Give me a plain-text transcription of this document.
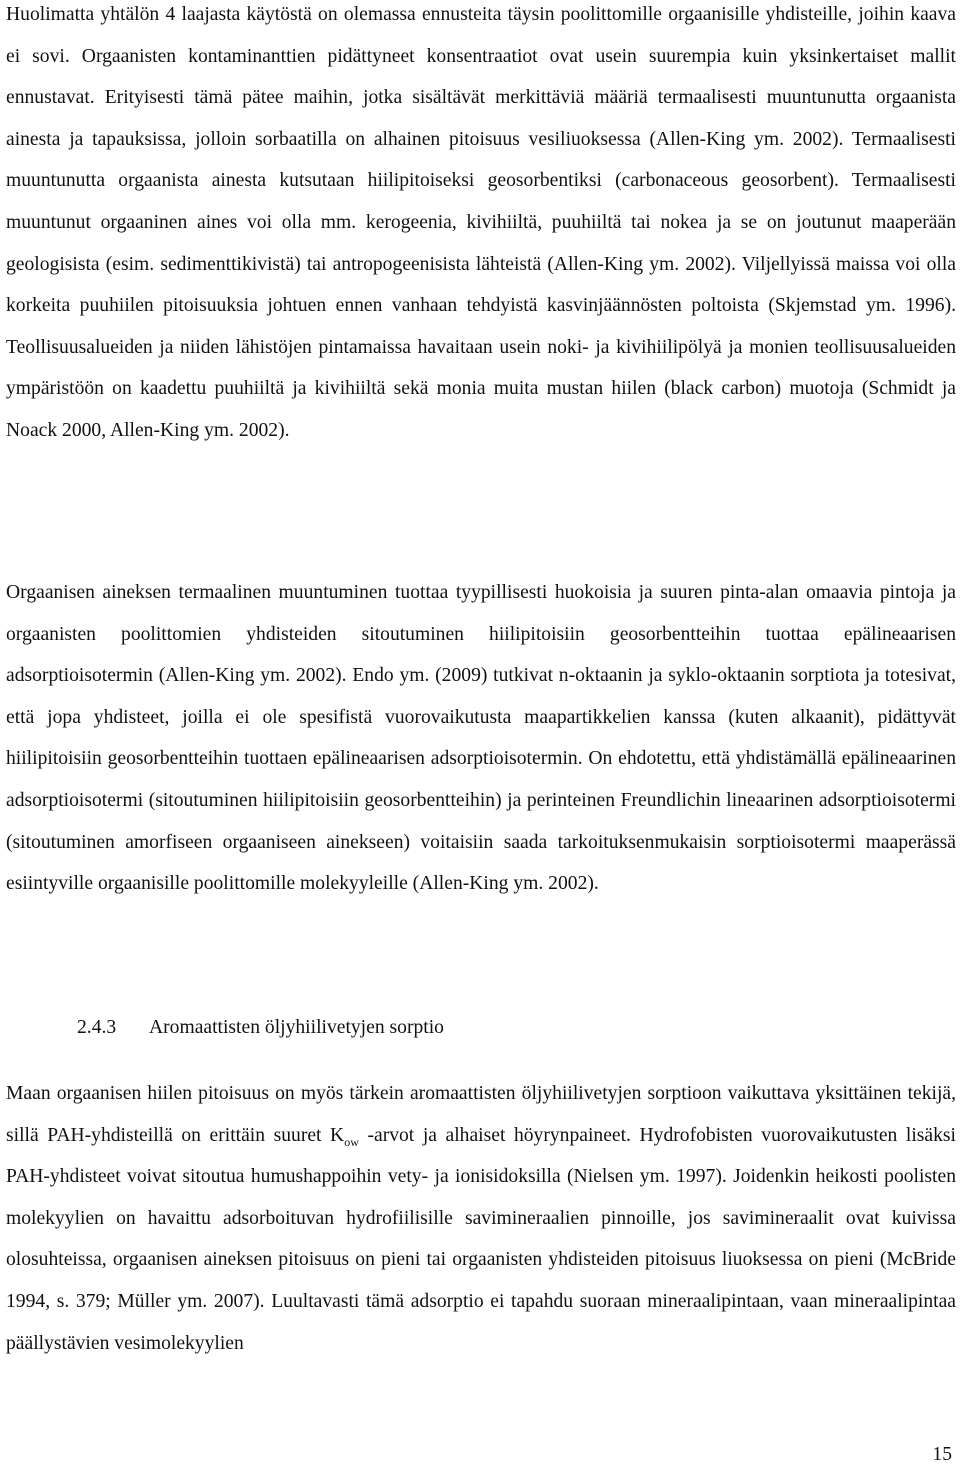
Huolimatta yhtälön 4 laajasta käytöstä on olemassa ennusteita täysin poolittomille orgaanisille yhdisteille, joihin kaava ei sovi. Orgaanisten kontaminanttien pidättyneet konsentraatiot ovat usein suurempia kuin yksinkertaiset mallit ennustavat. Erityisesti tämä pätee maihin, jotka sisältävät merkittäviä määriä termaalisesti muuntunutta orgaanista ainesta ja tapauksissa, jolloin sorbaatilla on alhainen pitoisuus vesiliuoksessa (Allen-King ym. 2002). Termaalisesti muuntunutta orgaanista ainesta kutsutaan hiilipitoiseksi geosorbentiksi (carbonaceous geosorbent). Termaalisesti muuntunut orgaaninen aines voi olla mm. kerogeenia, kivihiiltä, puuhiiltä tai nokea ja se on joutunut maaperään geologisista (esim. sedimenttikivistä) tai antropogeenisista lähteistä (Allen-King ym. 2002). Viljellyissä maissa voi olla korkeita puuhiilen pitoisuuksia johtuen ennen vanhaan tehdyistä kasvinjäännösten poltoista (Skjemstad ym. 1996). Teollisuusalueiden ja niiden lähistöjen pintamaissa havaitaan usein noki- ja kivihiilipölyä ja monien teollisuusalueiden ympäristöön on kaadettu puuhiiltä ja kivihiiltä sekä monia muita mustan hiilen (black carbon) muotoja (Schmidt ja Noack 2000, Allen-King ym. 2002).

Orgaanisen aineksen termaalinen muuntuminen tuottaa tyypillisesti huokoisia ja suuren pinta-alan omaavia pintoja ja orgaanisten poolittomien yhdisteiden sitoutuminen hiilipitoisiin geosorbentteihin tuottaa epälineaarisen adsorptioisotermin (Allen-King ym. 2002). Endo ym. (2009) tutkivat n-oktaanin ja syklo-oktaanin sorptiota ja totesivat, että jopa yhdisteet, joilla ei ole spesifistä vuorovaikutusta maapartikkelien kanssa (kuten alkaanit), pidättyvät hiilipitoisiin geosorbentteihin tuottaen epälineaarisen adsorptioisotermin. On ehdotettu, että yhdistämällä epälineaarinen adsorptioisotermi (sitoutuminen hiilipitoisiin geosorbentteihin) ja perinteinen Freundlichin lineaarinen adsorptioisotermi (sitoutuminen amorfiseen orgaaniseen ainekseen) voitaisiin saada tarkoituksenmukaisin sorptioisotermi maaperässä esiintyville orgaanisille poolittomille molekyyleille (Allen-King ym. 2002).

2.4.3 Aromaattisten öljyhiilivetyjen sorptio

Maan orgaanisen hiilen pitoisuus on myös tärkein aromaattisten öljyhiilivetyjen sorptioon vaikuttava yksittäinen tekijä, sillä PAH-yhdisteillä on erittäin suuret $K_{ow}$ -arvot ja alhaiset höyrynpaineet. Hydrofobisten vuorovaikutusten lisäksi PAH-yhdisteet voivat sitoutua humushappoihin vety- ja ionisidoksilla (Nielsen ym. 1997). Joidenkin heikosti poolisten molekyylien on havaittu adsorboituvan hydrofiilisille savimineraalien pinnoille, jos savimineraalit ovat kuivissa olosuhteissa, orgaanisen aineksen pitoisuus on pieni tai orgaanisten yhdisteiden pitoisuus liuoksessa on pieni (McBride 1994, s. 379; Müller ym. 2007). Luultavasti tämä adsorptio ei tapahdu suoraan mineraalipintaan, vaan mineraalipintaa päällystävien vesimolekyylien

15
